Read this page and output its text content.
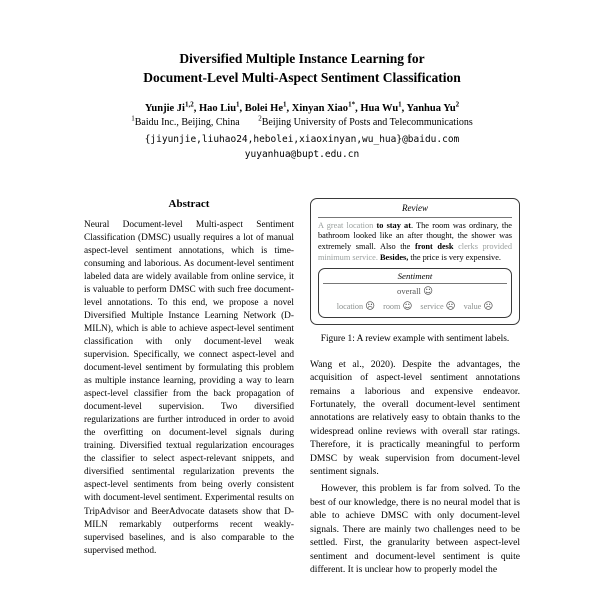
Diversified Multiple Instance Learning for
Document-Level Multi-Aspect Sentiment Classification
Yunjie Ji$^{1,2}$, Hao Liu$^1$, Bolei He$^1$, Xinyan Xiao$^{1*}$, Hua Wu$^1$, Yanhua Yu$^2$
$^1$Baidu Inc., Beijing, China	$^2$Beijing University of Posts and Telecommunications
{jiyunjie,liuhao24,hebolei,xiaoxinyan,wu_hua}@baidu.com
yuyanhua@bupt.edu.cn
Abstract
Neural Document-level Multi-aspect Sentiment Classification (DMSC) usually requires a lot of manual aspect-level sentiment annotations, which is time-consuming and laborious. As document-level sentiment labeled data are widely available from online service, it is valuable to perform DMSC with such free document-level annotations. To this end, we propose a novel Diversified Multiple Instance Learning Network (D-MILN), which is able to achieve aspect-level sentiment classification with only document-level weak supervision. Specifically, we connect aspect-level and document-level sentiment by formulating this problem as multiple instance learning, providing a way to learn aspect-level classifier from the back propagation of document-level supervision. Two diversified regularizations are further introduced in order to avoid the overfitting on document-level signals during training. Diversified textual regularization encourages the classifier to select aspect-relevant snippets, and diversified sentimental regularization prevents the aspect-level sentiments from being overly consistent with document-level sentiment. Experimental results on TripAdvisor and BeerAdvocate datasets show that D-MILN remarkably outperforms recent weakly-supervised baselines, and is also comparable to the supervised method.
Review
A great location to stay at. The room was ordinary, the bathroom looked like an after thought, the shower was extremely small. Also the front desk clerks provided minimum service. Besides, the price is very expensive.
Sentiment
overall ☺
location ☹ room ☺ service ☹ value ☹
Figure 1: A review example with sentiment labels.
Wang et al., 2020). Despite the advantages, the acquisition of aspect-level sentiment annotations remains a laborious and expensive endeavor. Fortunately, the overall document-level sentiment annotations are relatively easy to obtain thanks to the widespread online reviews with overall star ratings. Therefore, it is practically meaningful to perform DMSC by weak supervision from document-level sentiment signals.
However, this problem is far from solved. To the best of our knowledge, there is no neural model that is able to achieve DMSC with only document-level signals. There are mainly two challenges need to be settled. First, the granularity between aspect-level sentiment and document-level sentiment is quite different. It is unclear how to properly model the
